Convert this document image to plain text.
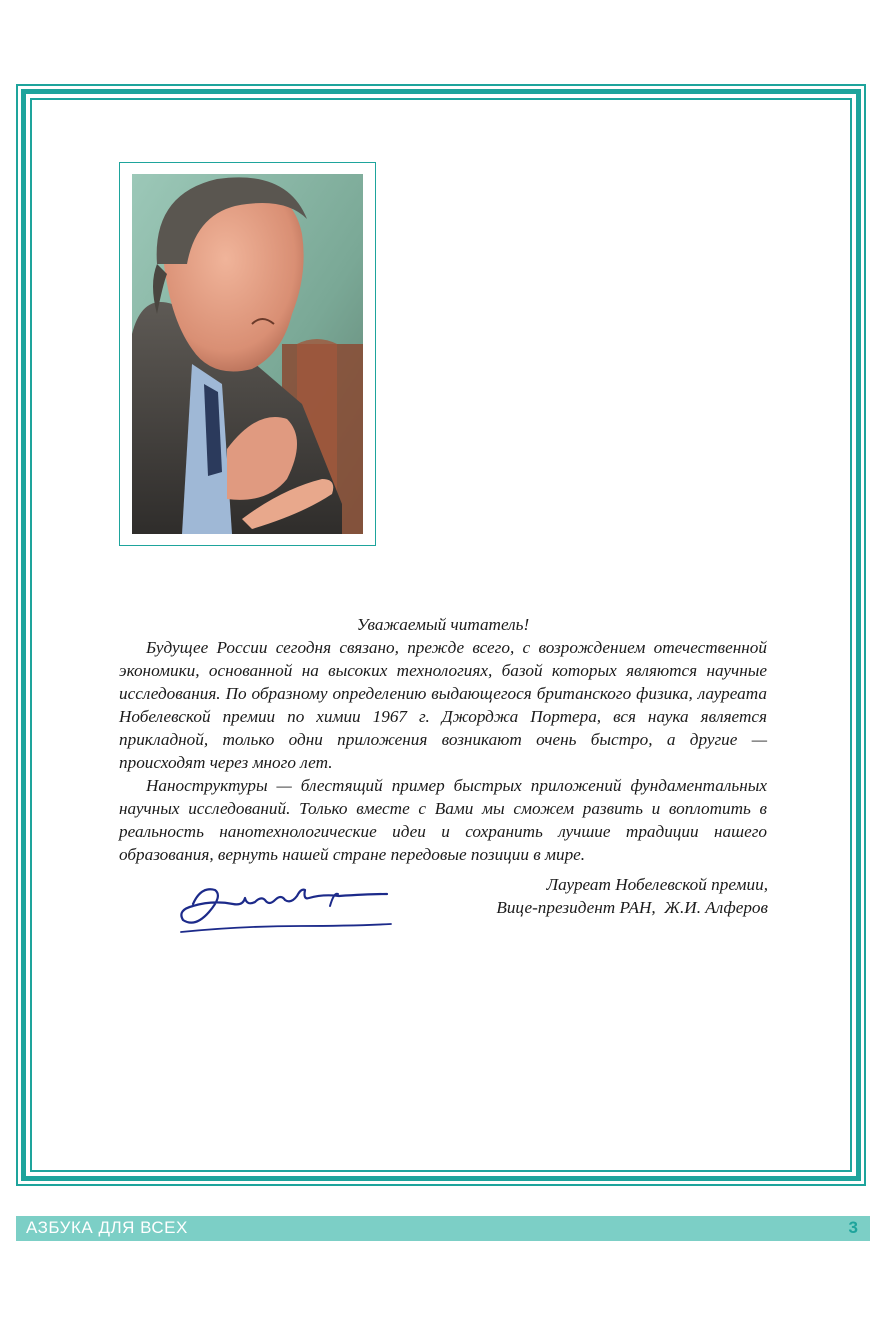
Уважаемый читатель!

Будущее России сегодня связано, прежде всего, с возрождением отечественной экономики, основанной на высоких технологиях, базой которых являются научные исследования. По образному определению выдающегося британского физика, лауреата Нобелевской премии по химии 1967 г. Джорджа Портера, вся наука является прикладной, только одни приложения возникают очень быстро, а другие — происходят через много лет.

Наноструктуры — блестящий пример быстрых приложений фундаментальных научных исследований. Только вместе с Вами мы сможем развить и воплотить в реальность нанотехнологические идеи и сохранить лучшие традиции нашего образования, вернуть нашей стране передовые позиции в мире.

Лауреат Нобелевской премии,
Вице-президент РАН,  Ж.И. Алферов
АЗБУКА ДЛЯ ВСЕХ	3
